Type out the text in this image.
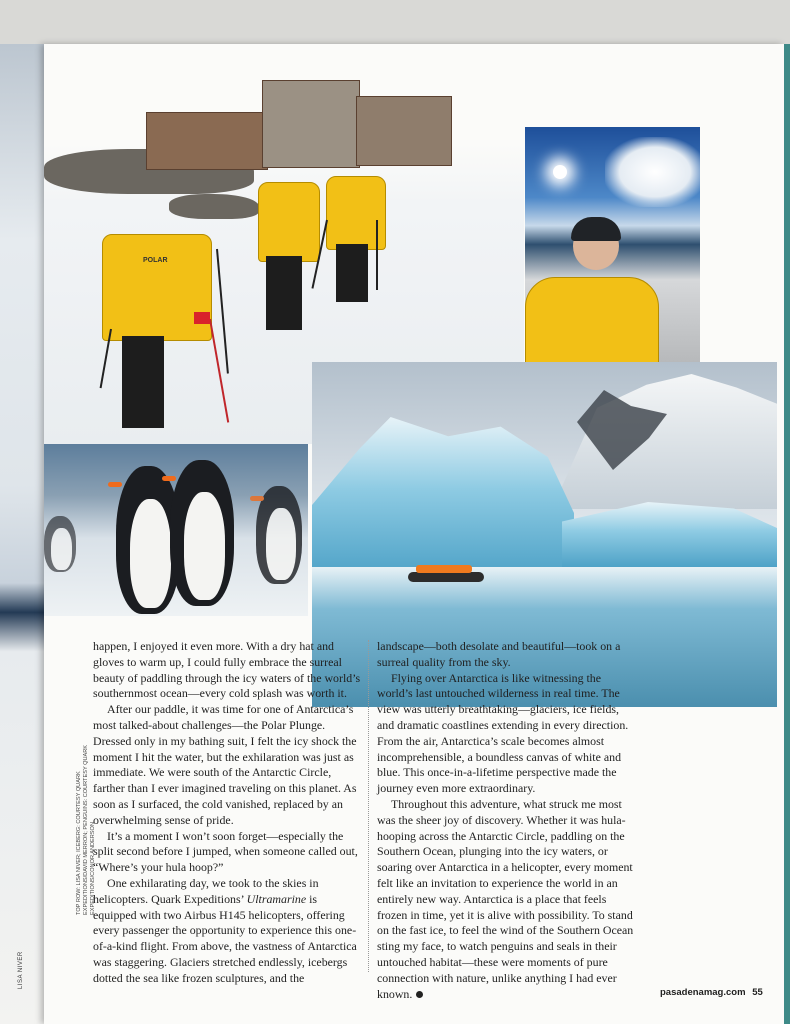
LISA NIVER
POLAR
TOP ROW: LISA NIVER; ICEBERG: COURTESY QUARK EXPEDITIONS/DAVID MERRON; PENGUINS: COURTESY QUARK EXPEDITIONS/CONOR ANDERSON

happen, I enjoyed it even more. With a dry hat and gloves to warm up, I could fully embrace the surreal beauty of paddling through the icy waters of the world’s southernmost ocean—every cold splash was worth it.

After our paddle, it was time for one of Antarctica’s most talked-about challenges—the Polar Plunge. Dressed only in my bathing suit, I felt the icy shock the moment I hit the water, but the exhilaration was just as immediate. We were south of the Antarctic Circle, farther than I ever imagined traveling on this planet. As soon as I surfaced, the cold vanished, replaced by an overwhelming sense of pride.

It’s a moment I won’t soon forget—especially the split second before I jumped, when someone called out, “Where’s your hula hoop?”

One exhilarating day, we took to the skies in helicopters. Quark Expeditions’ Ultramarine is equipped with two Airbus H145 helicopters, offering every passenger the opportunity to experience this one-of-a-kind flight. From above, the vastness of Antarctica was staggering. Glaciers stretched endlessly, icebergs dotted the sea like frozen sculptures, and the

landscape—both desolate and beautiful—took on a surreal quality from the sky.

Flying over Antarctica is like witnessing the world’s last untouched wilderness in real time. The view was utterly breathtaking—glaciers, ice fields, and dramatic coastlines extending in every direction. From the air, Antarctica’s scale becomes almost incomprehensible, a boundless canvas of white and blue. This once-in-a-lifetime perspective made the journey even more extraordinary.

Throughout this adventure, what struck me most was the sheer joy of discovery. Whether it was hula-hooping across the Antarctic Circle, paddling on the Southern Ocean, plunging into the icy waters, or soaring over Antarctica in a helicopter, every moment felt like an invitation to experience the world in an entirely new way. Antarctica is a place that feels frozen in time, yet it is alive with possibility. To stand on the fast ice, to feel the wind of the Southern Ocean sting my face, to watch penguins and seals in their untouched habitat—these were moments of pure connection with nature, unlike anything I had ever known.	pasadenamag.com 55
